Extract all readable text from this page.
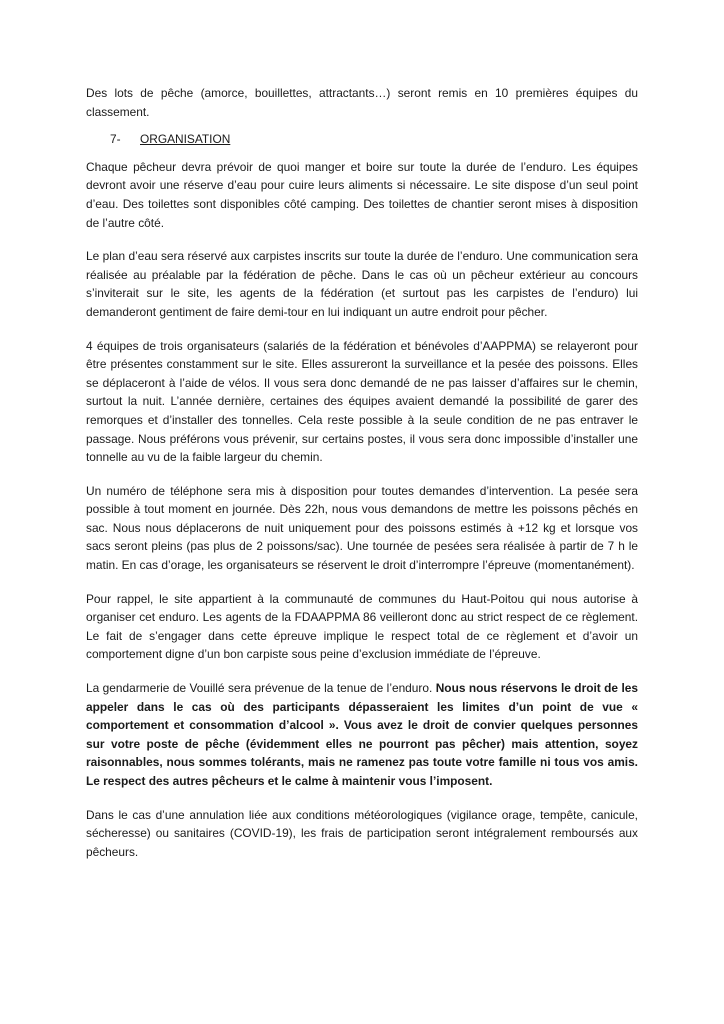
Des lots de pêche (amorce, bouillettes, attractants…) seront remis en 10 premières équipes du classement.

7- ORGANISATION

Chaque pêcheur devra prévoir de quoi manger et boire sur toute la durée de l’enduro. Les équipes devront avoir une réserve d’eau pour cuire leurs aliments si nécessaire. Le site dispose d’un seul point d’eau. Des toilettes sont disponibles côté camping. Des toilettes de chantier seront mises à disposition de l’autre côté.

Le plan d’eau sera réservé aux carpistes inscrits sur toute la durée de l’enduro. Une communication sera réalisée au préalable par la fédération de pêche. Dans le cas où un pêcheur extérieur au concours s’inviterait sur le site, les agents de la fédération (et surtout pas les carpistes de l’enduro) lui demanderont gentiment de faire demi-tour en lui indiquant un autre endroit pour pêcher.

4 équipes de trois organisateurs (salariés de la fédération et bénévoles d’AAPPMA) se relayeront pour être présentes constamment sur le site. Elles assureront la surveillance et la pesée des poissons. Elles se déplaceront à l’aide de vélos. Il vous sera donc demandé de ne pas laisser d’affaires sur le chemin, surtout la nuit. L’année dernière, certaines des équipes avaient demandé la possibilité de garer des remorques et d’installer des tonnelles. Cela reste possible à la seule condition de ne pas entraver le passage. Nous préférons vous prévenir, sur certains postes, il vous sera donc impossible d’installer une tonnelle au vu de la faible largeur du chemin.

Un numéro de téléphone sera mis à disposition pour toutes demandes d’intervention. La pesée sera possible à tout moment en journée. Dès 22h, nous vous demandons de mettre les poissons pêchés en sac. Nous nous déplacerons de nuit uniquement pour des poissons estimés à +12 kg et lorsque vos sacs seront pleins (pas plus de 2 poissons/sac). Une tournée de pesées sera réalisée à partir de 7 h le matin. En cas d’orage, les organisateurs se réservent le droit d’interrompre l’épreuve (momentanément).

Pour rappel, le site appartient à la communauté de communes du Haut-Poitou qui nous autorise à organiser cet enduro. Les agents de la FDAAPPMA 86 veilleront donc au strict respect de ce règlement. Le fait de s’engager dans cette épreuve implique le respect total de ce règlement et d’avoir un comportement digne d’un bon carpiste sous peine d’exclusion immédiate de l’épreuve.

La gendarmerie de Vouillé sera prévenue de la tenue de l’enduro. Nous nous réservons le droit de les appeler dans le cas où des participants dépasseraient les limites d’un point de vue « comportement et consommation d’alcool ». Vous avez le droit de convier quelques personnes sur votre poste de pêche (évidemment elles ne pourront pas pêcher) mais attention, soyez raisonnables, nous sommes tolérants, mais ne ramenez pas toute votre famille ni tous vos amis. Le respect des autres pêcheurs et le calme à maintenir vous l’imposent.

Dans le cas d’une annulation liée aux conditions météorologiques (vigilance orage, tempête, canicule, sécheresse) ou sanitaires (COVID-19), les frais de participation seront intégralement remboursés aux pêcheurs.
